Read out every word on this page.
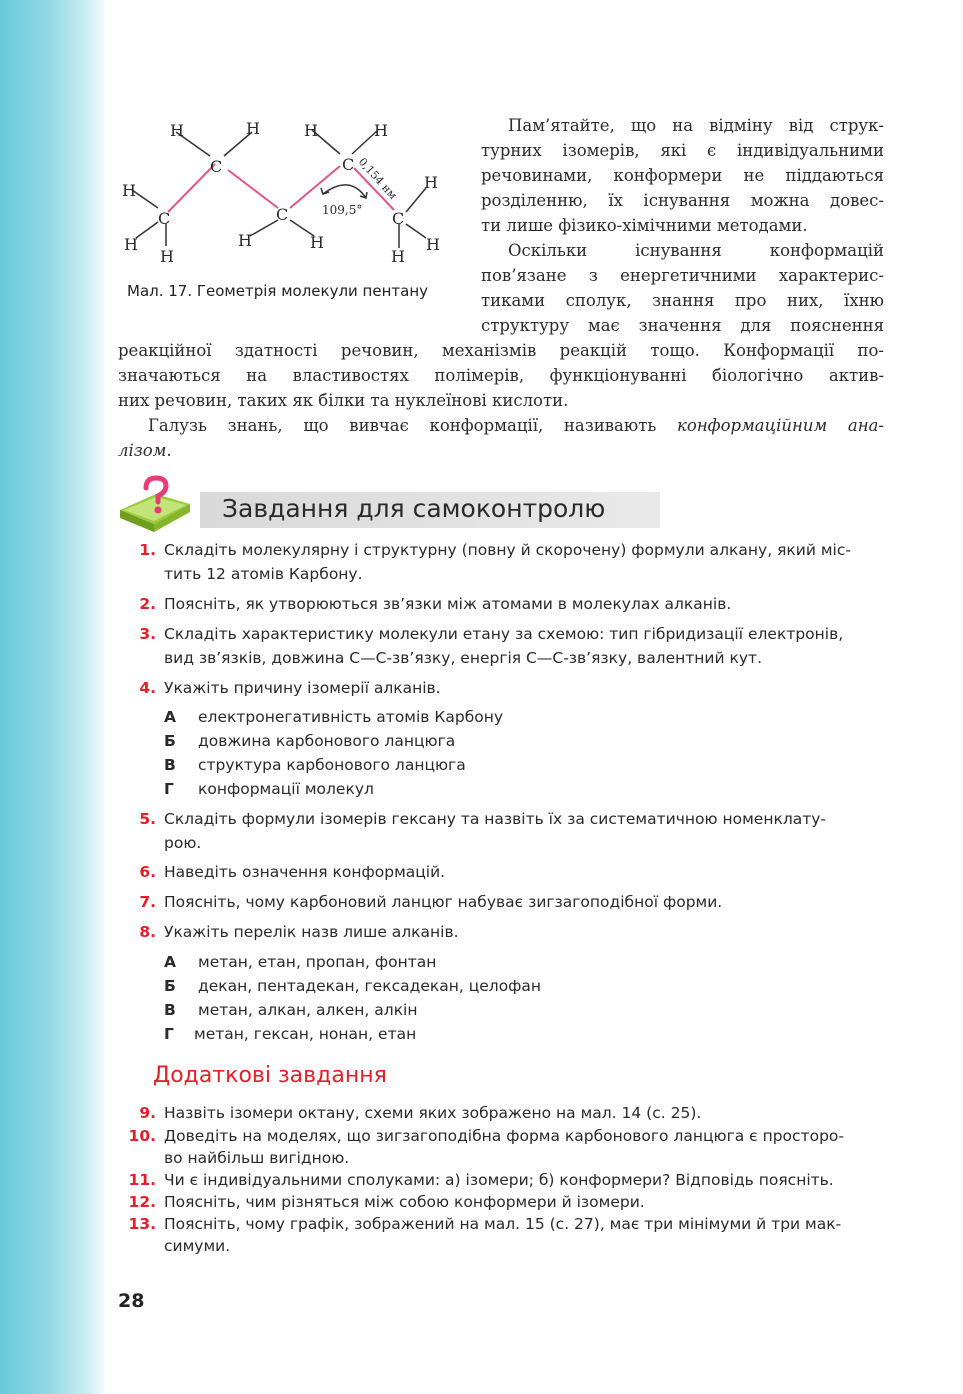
H	H
C
H
C
H
H
C
H	H
H	H
C
C
H
H
H
0,154 нм
109,5°
Мал. 17. Геометрія молекули пентану
Пам’ятайте, що на відміну від струк-
турних ізомерів, які є індивідуальними
речовинами, конформери не піддаються
розділенню, їх існування можна довес-
ти лише фізико-хімічними методами.
Оскільки існування конформацій
пов’язане з енергетичними характерис-
тиками сполук, знання про них, їхню
структуру має значення для пояснення
реакційної здатності речовин, механізмів реакцій тощо. Конформації по-
значаються на властивостях полімерів, функціонуванні біологічно актив-
них речовин, таких як білки та нуклеїнові кислоти.
Галузь знань, що вивчає конформації, називають конформаційним ана-
лізом.
Завдання для самоконтролю
1. Складіть молекулярну і структурну (повну й скорочену) формули алкану, який міс-
тить 12 атомів Карбону.
2. Поясніть, як утворюються зв’язки між атомами в молекулах алканів.
3. Складіть характеристику молекули етану за схемою: тип гібридизації електронів,
вид зв’язків, довжина С—С-зв’язку, енергія С—С-зв’язку, валентний кут.
4. Укажіть причину ізомерії алканів.
А електронегативність атомів Карбону
Б довжина карбонового ланцюга
В структура карбонового ланцюга
Г конформації молекул
5. Складіть формули ізомерів гексану та назвіть їх за систематичною номенклату-
рою.
6. Наведіть означення конформацій.
7. Поясніть, чому карбоновий ланцюг набуває зигзагоподібної форми.
8. Укажіть перелік назв лише алканів.
А метан, етан, пропан, фонтан
Б декан, пентадекан, гексадекан, целофан
В метан, алкан, алкен, алкін
Г метан, гексан, нонан, етан
Додаткові завдання
9. Назвіть ізомери октану, схеми яких зображено на мал. 14 (с. 25).
10. Доведіть на моделях, що зигзагоподібна форма карбонового ланцюга є просторо-
во найбільш вигідною.
11. Чи є індивідуальними сполуками: а) ізомери; б) конформери? Відповідь поясніть.
12. Поясніть, чим різняться між собою конформери й ізомери.
13. Поясніть, чому графік, зображений на мал. 15 (с. 27), має три мінімуми й три мак-
симуми.
28
